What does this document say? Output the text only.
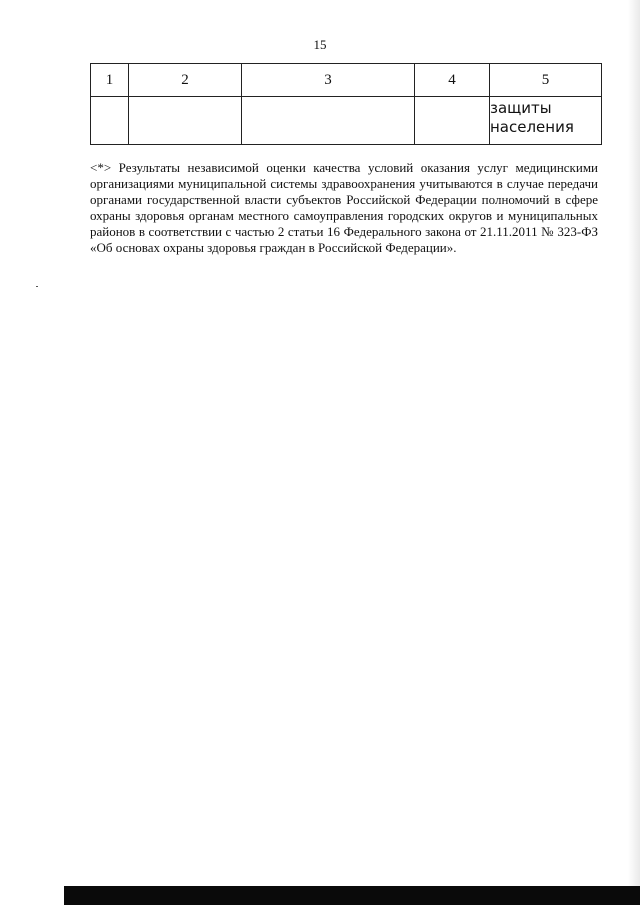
15
1	2	3	4	5

				защиты
населения
<*> Результаты независимой оценки качества условий оказания услуг медицинскими организациями муниципальной системы здравоохранения учитываются в случае передачи органами государственной власти субъектов Российской Федерации полномочий в сфере охраны здоровья органам местного самоуправления городских округов и муниципальных районов в соответствии с частью 2 статьи 16 Федерального закона от 21.11.2011 № 323-ФЗ «Об основах охраны здоровья граждан в Российской Федерации».
